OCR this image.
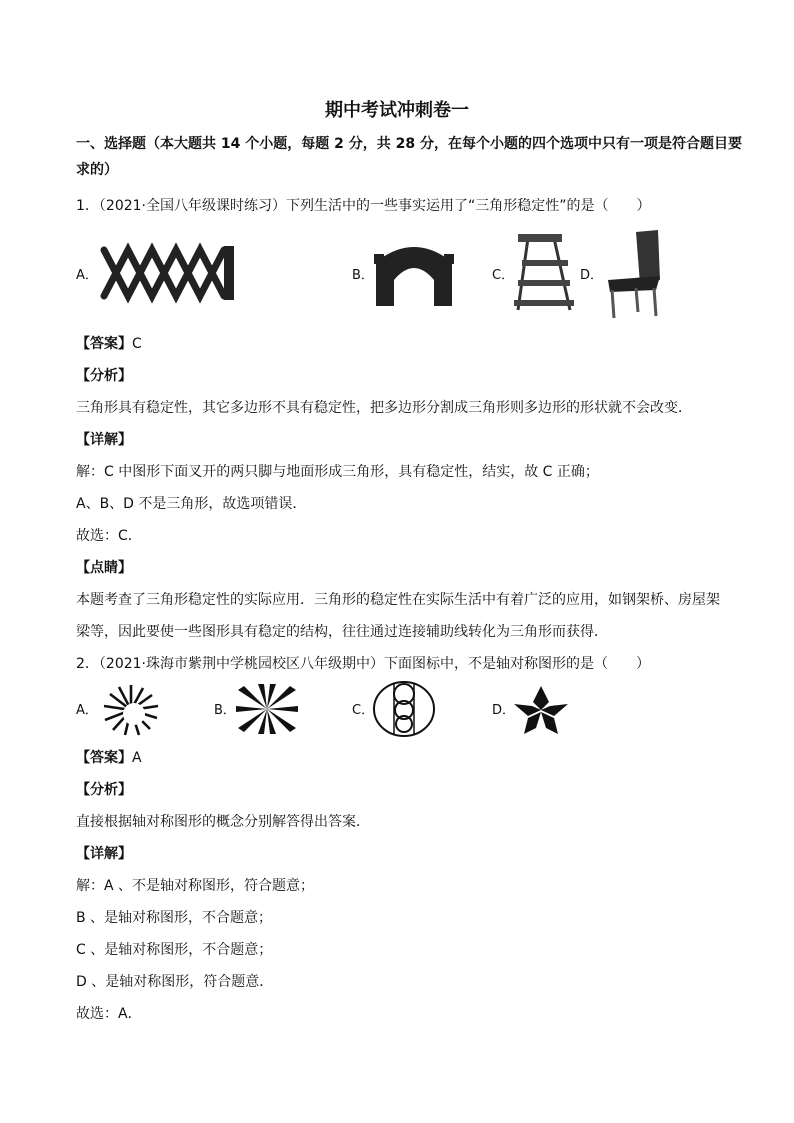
期中考试冲刺卷一
一、选择题（本大题共 14 个小题，每题 2 分，共 28 分，在每个小题的四个选项中只有一项是符合题目要
求的）
1．（2021·全国八年级课时练习）下列生活中的一些事实运用了“三角形稳定性”的是（　　）
A．	B．	C．	D．
【答案】C
【分析】
三角形具有稳定性，其它多边形不具有稳定性，把多边形分割成三角形则多边形的形状就不会改变．
【详解】
解：C 中图形下面叉开的两只脚与地面形成三角形，具有稳定性，结实，故 C 正确；
A、B、D 不是三角形，故选项错误．
故选：C．
【点睛】
本题考查了三角形稳定性的实际应用．三角形的稳定性在实际生活中有着广泛的应用，如钢架桥、房屋架
梁等，因此要使一些图形具有稳定的结构，往往通过连接辅助线转化为三角形而获得．
2．（2021·珠海市紫荆中学桃园校区八年级期中）下面图标中，不是轴对称图形的是（　　）
A．	B．	C．	D．
【答案】A
【分析】
直接根据轴对称图形的概念分别解答得出答案．
【详解】
解：A 、不是轴对称图形，符合题意；
B 、是轴对称图形，不合题意；
C 、是轴对称图形，不合题意；
D 、是轴对称图形，符合题意．
故选：A．
